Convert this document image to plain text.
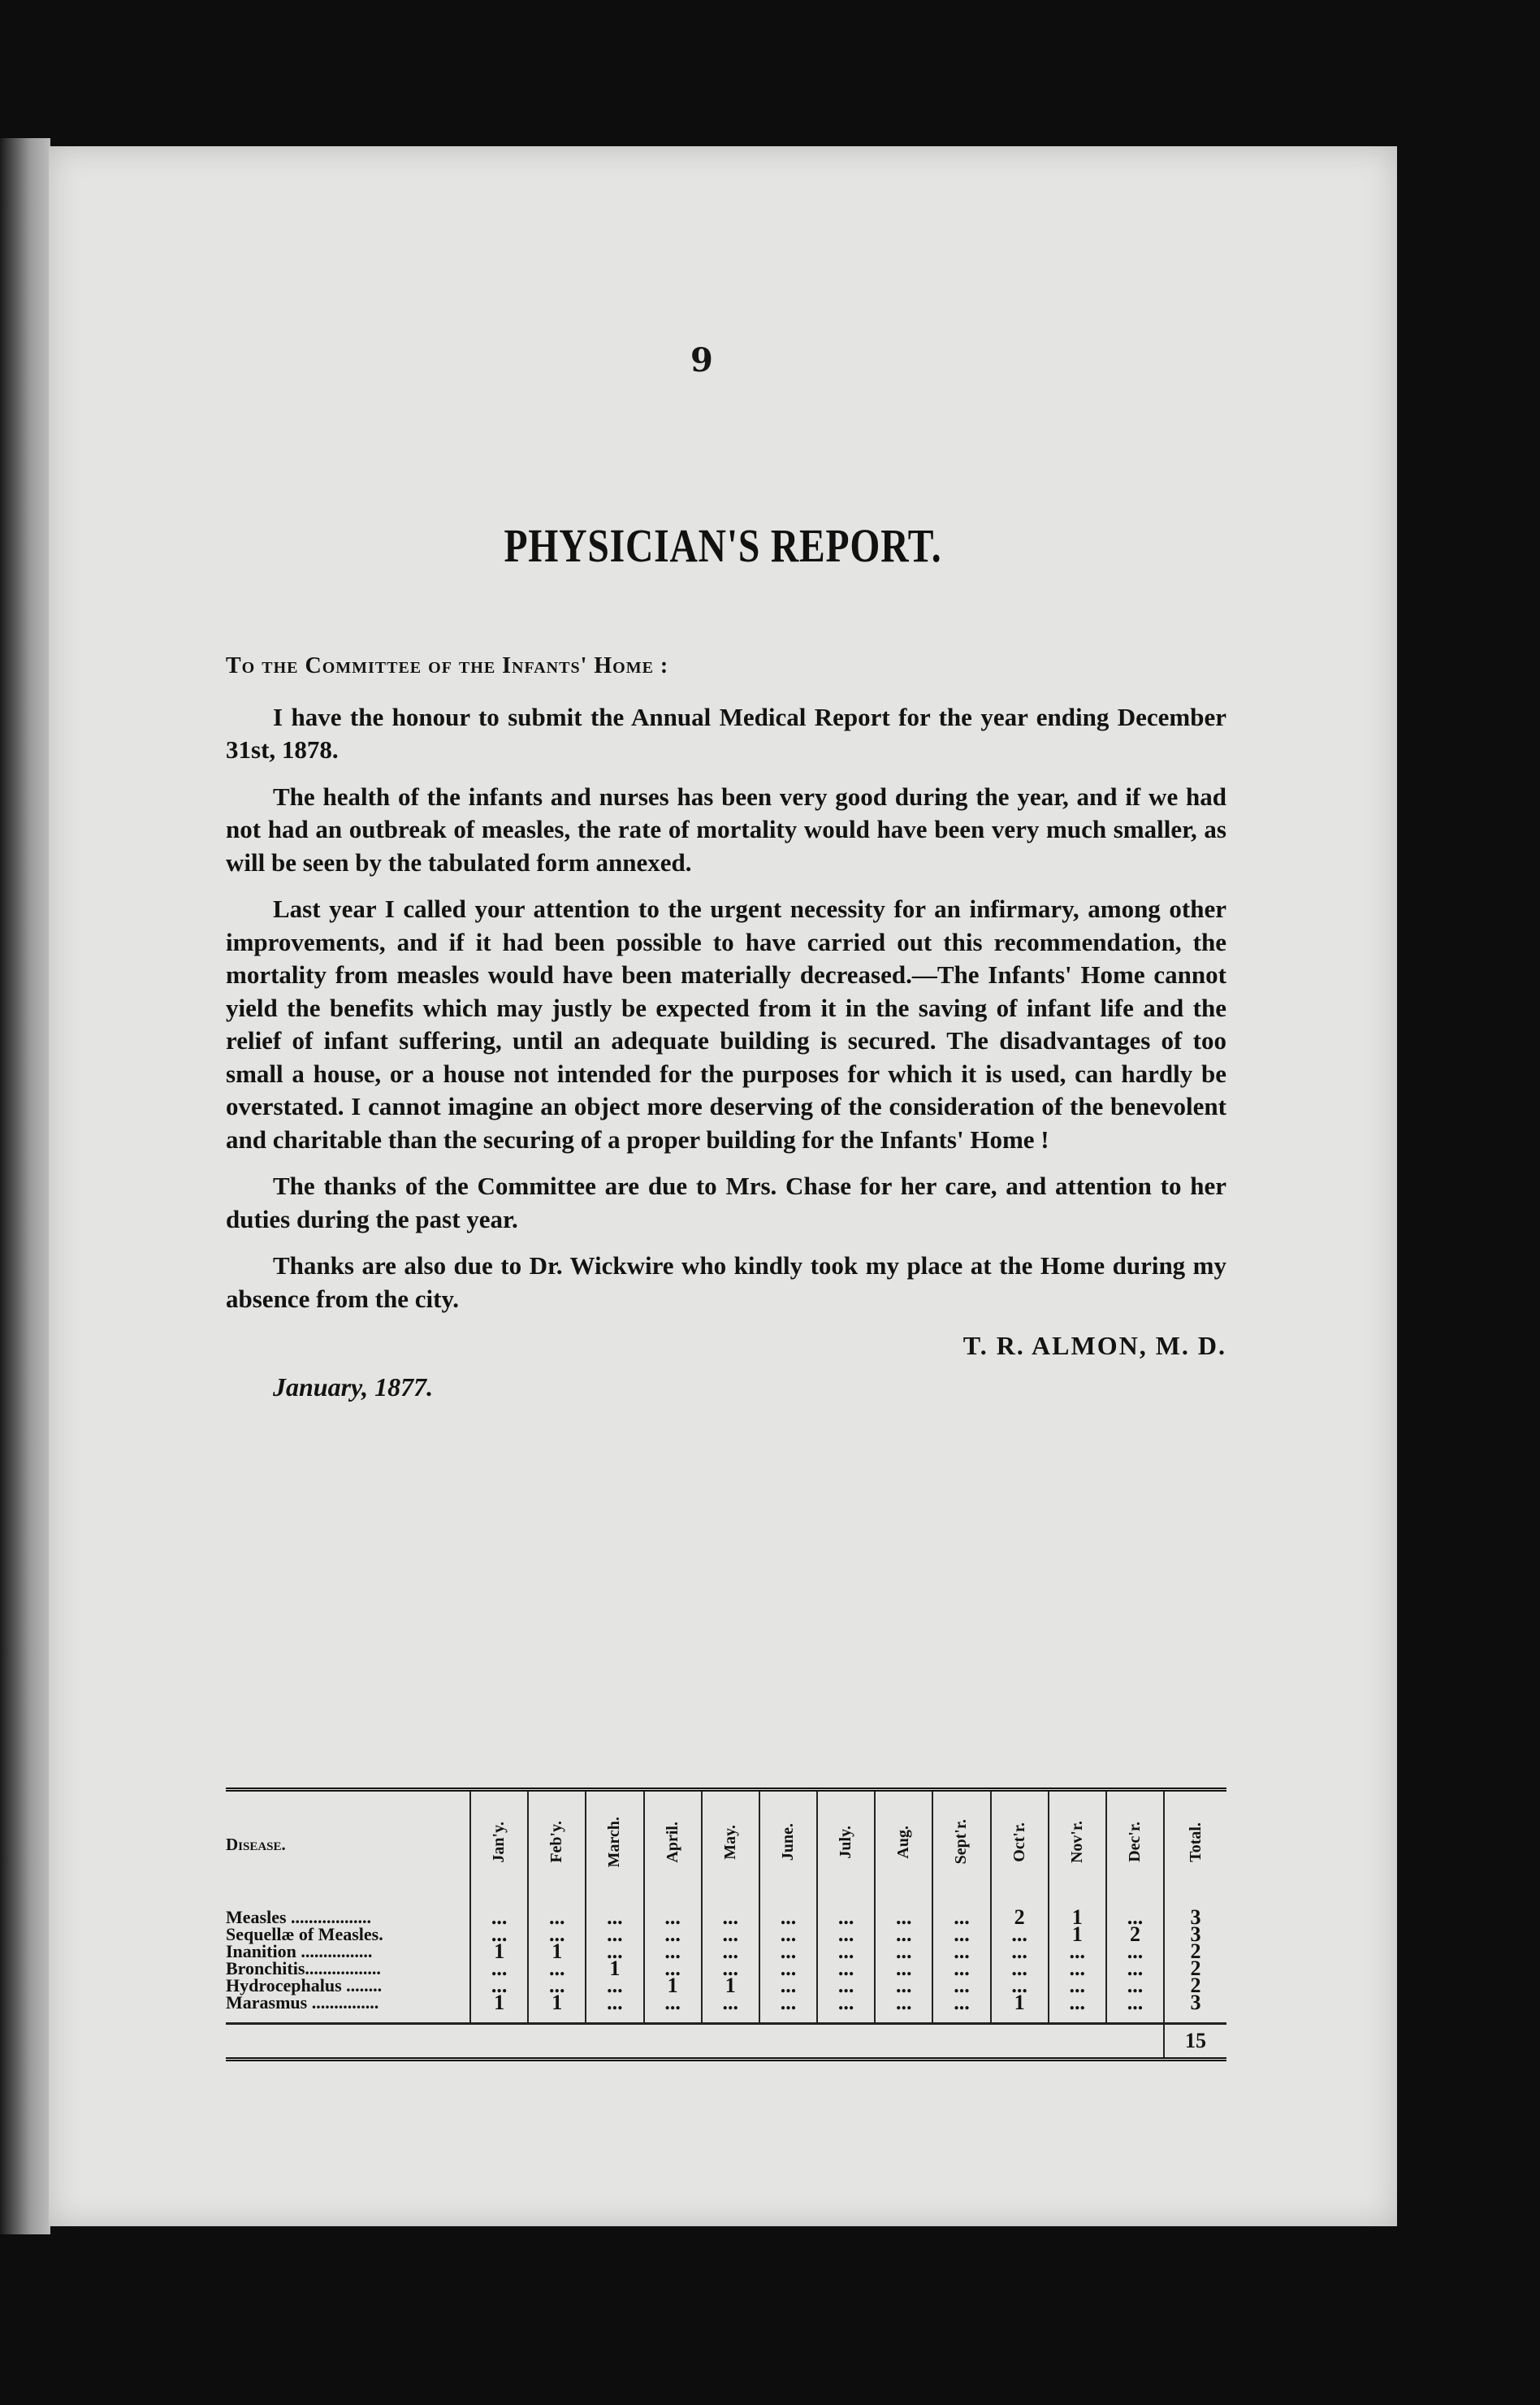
9
PHYSICIAN'S REPORT.

To the Committee of the Infants' Home :

I have the honour to submit the Annual Medical Report for the year ending December 31st, 1878.

The health of the infants and nurses has been very good during the year, and if we had not had an outbreak of measles, the rate of mortality would have been very much smaller, as will be seen by the tabulated form annexed.

Last year I called your attention to the urgent necessity for an infirmary, among other improvements, and if it had been possible to have carried out this recommendation, the mortality from measles would have been materially decreased.—The Infants' Home cannot yield the benefits which may justly be expected from it in the saving of infant life and the relief of infant suffering, until an adequate building is secured. The disadvantages of too small a house, or a house not intended for the purposes for which it is used, can hardly be overstated. I cannot imagine an object more deserving of the consideration of the benevolent and charitable than the securing of a proper building for the Infants' Home !

The thanks of the Committee are due to Mrs. Chase for her care, and attention to her duties during the past year.

Thanks are also due to Dr. Wickwire who kindly took my place at the Home during my absence from the city.

T. R. ALMON, M. D.

January, 1877.

Disease.	Jan'y.	Feb'y.	March.	April.	May.	June.	July.	Aug.	Sept'r.	Oct'r.	Nov'r.	Dec'r.	Total.
Measles ..................	...	...	...	...	...	...	...	...	...	2	1	...	3
Sequellæ of Measles.	...	...	...	...	...	...	...	...	...	...	1	2	3
Inanition ................	1	1	...	...	...	...	...	...	...	...	...	...	2
Bronchitis.................	...	...	1	...	...	...	...	...	...	...	...	...	2
Hydrocephalus ........	...	...	...	1	1	...	...	...	...	...	...	...	2
Marasmus ...............	1	1	...	...	...	...	...	...	...	1	...	...	3
													15
